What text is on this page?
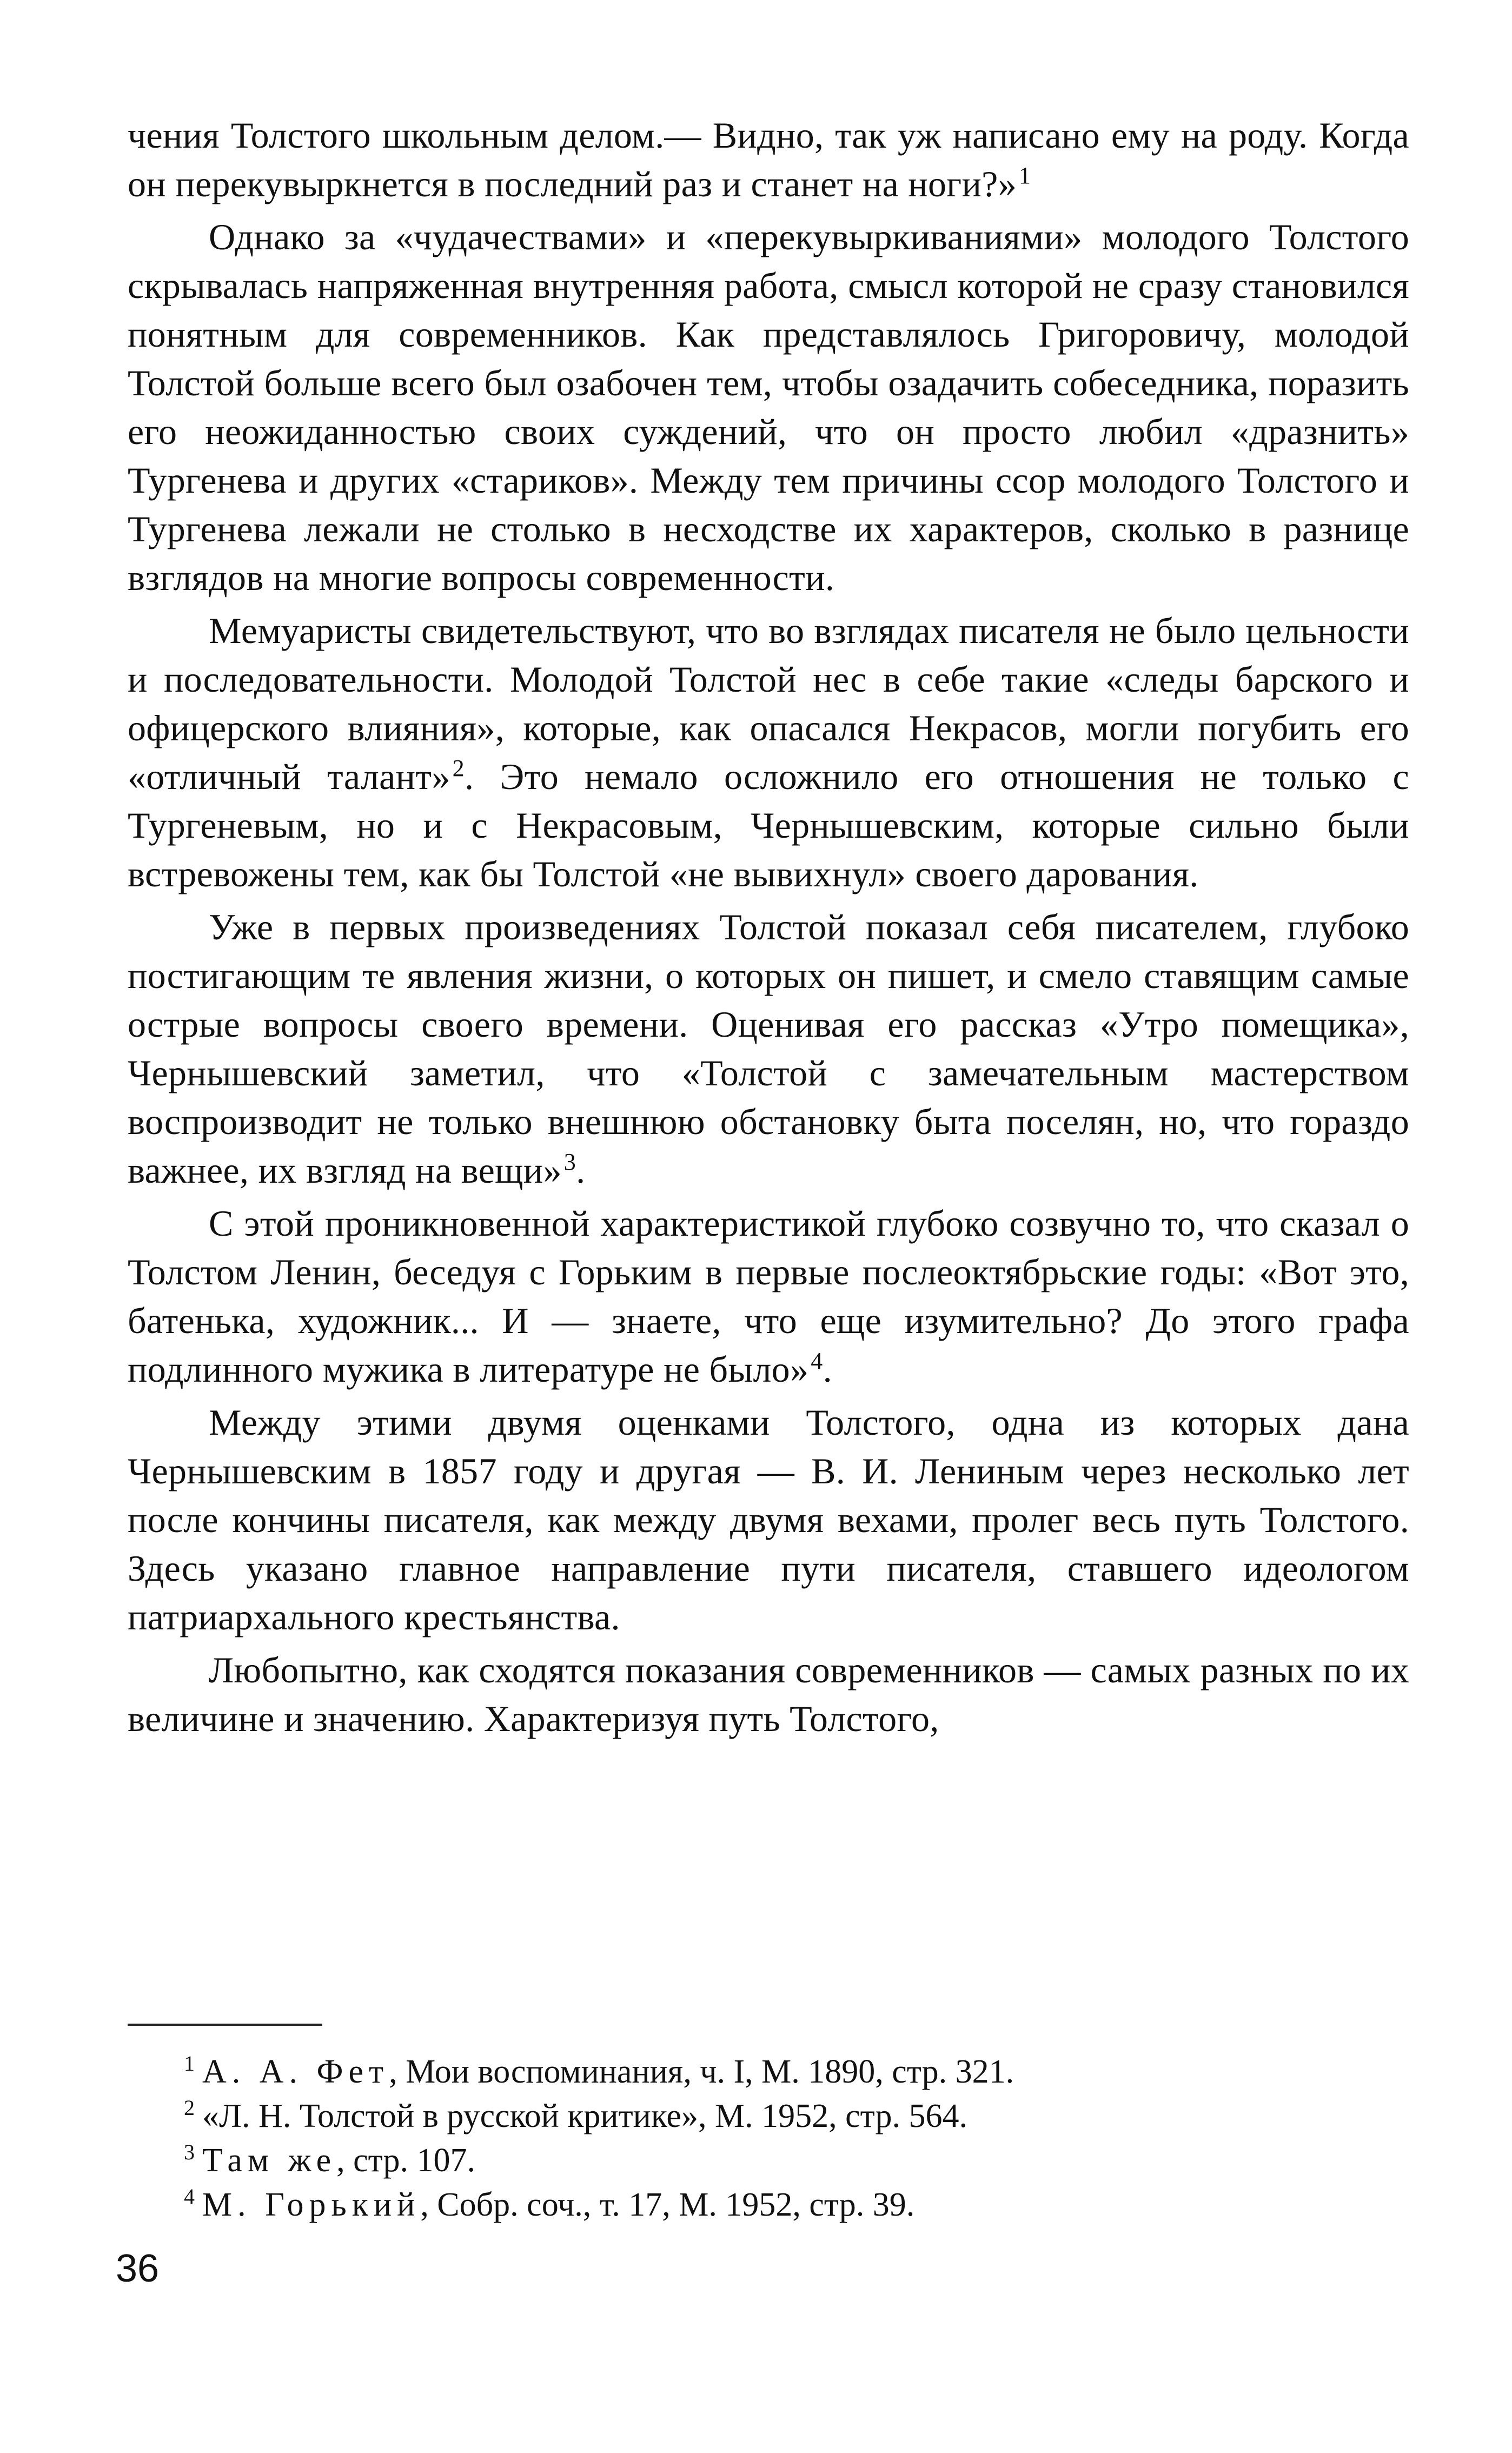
чения Толстого школьным делом.— Видно, так уж написано ему на роду. Когда он перекувыркнется в последний раз и станет на ноги?»$^1$

Однако за «чудачествами» и «перекувыркиваниями» молодого Толстого скрывалась напряженная внутренняя работа, смысл которой не сразу становился понятным для современников. Как представлялось Григоровичу, молодой Толстой больше всего был озабочен тем, чтобы озадачить собеседника, поразить его неожиданностью своих суждений, что он просто любил «дразнить» Тургенева и других «стариков». Между тем причины ссор молодого Толстого и Тургенева лежали не столько в несходстве их характеров, сколько в разнице взглядов на многие вопросы современности.

Мемуаристы свидетельствуют, что во взглядах писателя не было цельности и последовательности. Молодой Толстой нес в себе такие «следы барского и офицерского влияния», которые, как опасался Некрасов, могли погубить его «отличный талант»$^2$. Это немало осложнило его отношения не только с Тургеневым, но и с Некрасовым, Чернышевским, которые сильно были встревожены тем, как бы Толстой «не вывихнул» своего дарования.

Уже в первых произведениях Толстой показал себя писателем, глубоко постигающим те явления жизни, о которых он пишет, и смело ставящим самые острые вопросы своего времени. Оценивая его рассказ «Утро помещика», Чернышевский заметил, что «Толстой с замечательным мастерством воспроизводит не только внешнюю обстановку быта поселян, но, что гораздо важнее, их взгляд на вещи»$^3$.

С этой проникновенной характеристикой глубоко созвучно то, что сказал о Толстом Ленин, беседуя с Горьким в первые послеоктябрьские годы: «Вот это, батенька, художник... И — знаете, что еще изумительно? До этого графа подлинного мужика в литературе не было»$^4$.

Между этими двумя оценками Толстого, одна из которых дана Чернышевским в 1857 году и другая — В. И. Лениным через несколько лет после кончины писателя, как между двумя вехами, пролег весь путь Толстого. Здесь указано главное направление пути писателя, ставшего идеологом патриархального крестьянства.

Любопытно, как сходятся показания современников — самых разных по их величине и значению. Характеризуя путь Толстого,

$^1$ А. А. Фет, Мои воспоминания, ч. I, М. 1890, стр. 321.

$^2$ «Л. Н. Толстой в русской критике», М. 1952, стр. 564.

$^3$ Там же, стр. 107.

$^4$ М. Горький, Собр. соч., т. 17, М. 1952, стр. 39.

36
